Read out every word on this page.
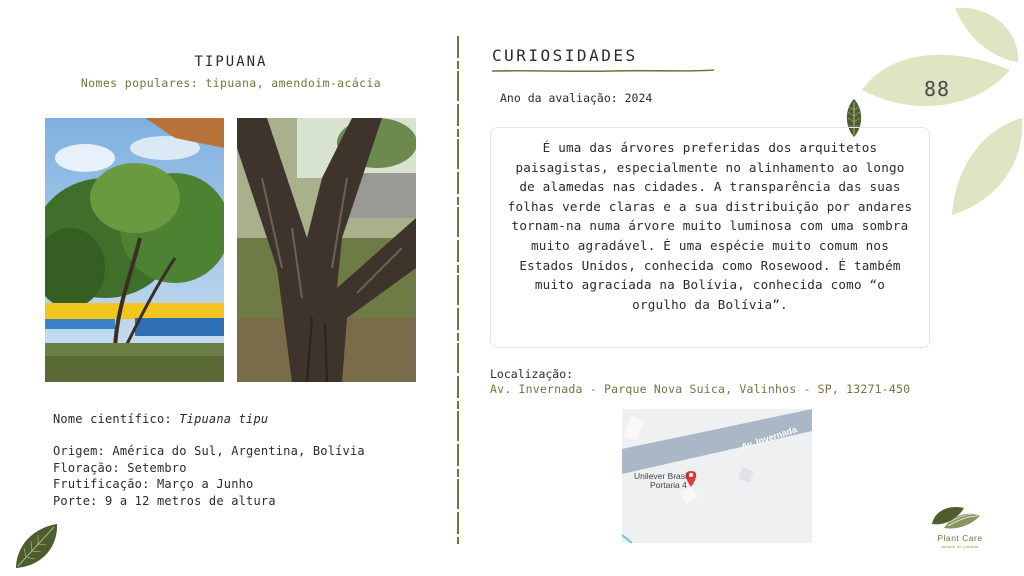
88
TIPUANA
Nomes populares: tipuana, amendoim-acácia
Nome científico: Tipuana tipu
Origem: América do Sul, Argentina, Bolívia
Floração: Setembro
Frutificação: Março a Junho
Porte: 9 a 12 metros de altura
CURIOSIDADES
Ano da avaliação: 2024
É uma das árvores preferidas dos arquitetos paisagistas, especialmente no alinhamento ao longo de alamedas nas cidades. A transparência das suas folhas verde claras e a sua distribuição por andares tornam-na numa árvore muito luminosa com uma sombra muito agradável. É uma espécie muito comum nos Estados Unidos, conhecida como Rosewood. É também muito agraciada na Bolívia, conhecida como “o orgulho da Bolívia”.
Localização:
Av. Invernada - Parque Nova Suica, Valinhos - SP, 13271-450
Av. Invernada
Unilever Brasil
Portaria 4
Plant Care
estudo de plantas
